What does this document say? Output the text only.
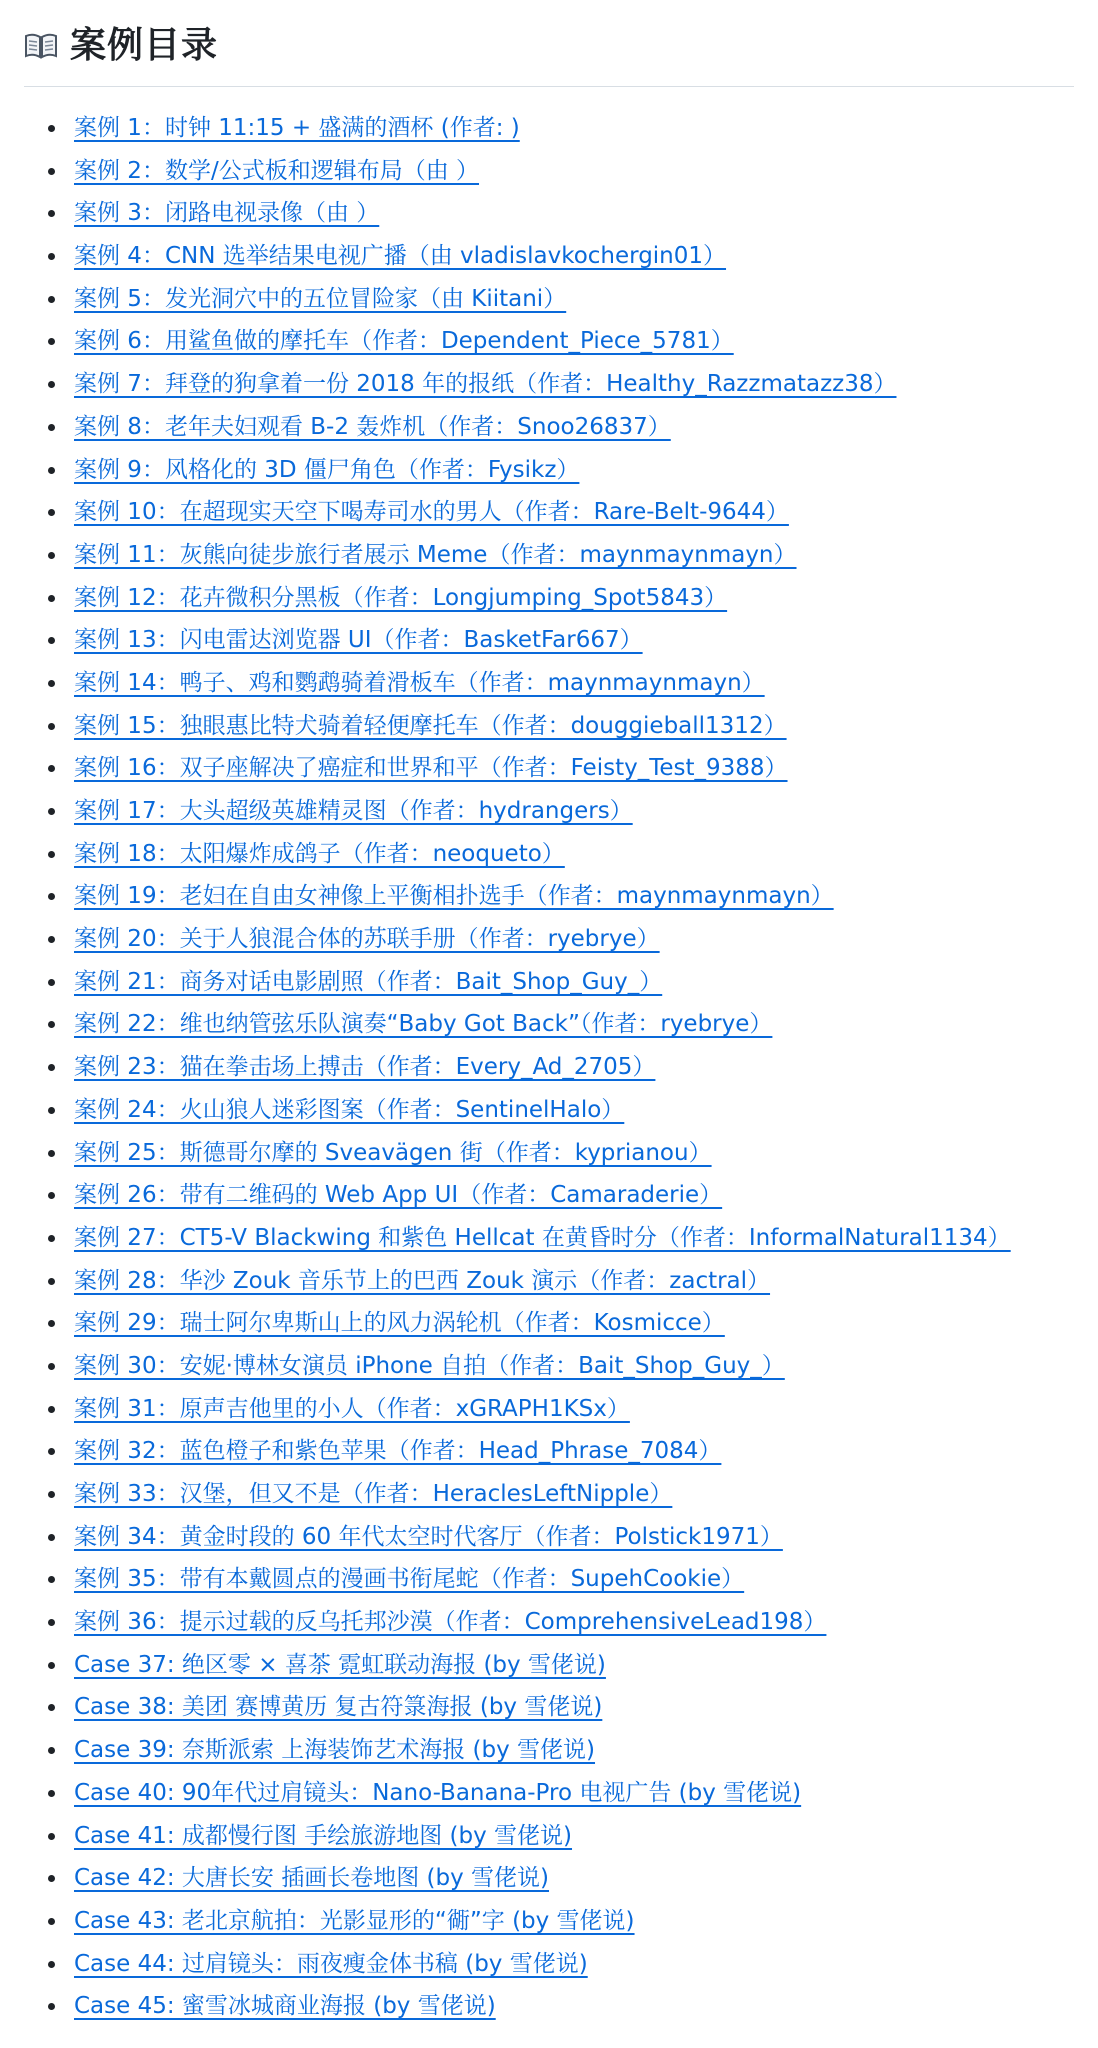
案例目录
案例 1：时钟 11:15 + 盛满的酒杯 (作者: )
案例 2：数学/公式板和逻辑布局（由 ）
案例 3：闭路电视录像（由 ）
案例 4：CNN 选举结果电视广播（由 vladislavkochergin01）
案例 5：发光洞穴中的五位冒险家（由 Kiitani）
案例 6：用鲨鱼做的摩托车（作者：Dependent_Piece_5781）
案例 7：拜登的狗拿着一份 2018 年的报纸（作者：Healthy_Razzmatazz38）
案例 8：老年夫妇观看 B-2 轰炸机（作者：Snoo26837）
案例 9：风格化的 3D 僵尸角色（作者：Fysikz）
案例 10：在超现实天空下喝寿司水的男人（作者：Rare-Belt-9644）
案例 11：灰熊向徒步旅行者展示 Meme（作者：maynmaynmayn）
案例 12：花卉微积分黑板（作者：Longjumping_Spot5843）
案例 13：闪电雷达浏览器 UI（作者：BasketFar667）
案例 14：鸭子、鸡和鹦鹉骑着滑板车（作者：maynmaynmayn）
案例 15：独眼惠比特犬骑着轻便摩托车（作者：douggieball1312）
案例 16：双子座解决了癌症和世界和平（作者：Feisty_Test_9388）
案例 17：大头超级英雄精灵图（作者：hydrangers）
案例 18：太阳爆炸成鸽子（作者：neoqueto）
案例 19：老妇在自由女神像上平衡相扑选手（作者：maynmaynmayn）
案例 20：关于人狼混合体的苏联手册（作者：ryebrye）
案例 21：商务对话电影剧照（作者：Bait_Shop_Guy_）
案例 22：维也纳管弦乐队演奏“Baby Got Back”（作者：ryebrye）
案例 23：猫在拳击场上搏击（作者：Every_Ad_2705）
案例 24：火山狼人迷彩图案（作者：SentinelHalo）
案例 25：斯德哥尔摩的 Sveavägen 街（作者：kyprianou）
案例 26：带有二维码的 Web App UI（作者：Camaraderie）
案例 27：CT5-V Blackwing 和紫色 Hellcat 在黄昏时分（作者：InformalNatural1134）
案例 28：华沙 Zouk 音乐节上的巴西 Zouk 演示（作者：zactral）
案例 29：瑞士阿尔卑斯山上的风力涡轮机（作者：Kosmicce）
案例 30：安妮·博林女演员 iPhone 自拍（作者：Bait_Shop_Guy_）
案例 31：原声吉他里的小人（作者：xGRAPH1KSx）
案例 32：蓝色橙子和紫色苹果（作者：Head_Phrase_7084）
案例 33：汉堡，但又不是（作者：HeraclesLeftNipple）
案例 34：黄金时段的 60 年代太空时代客厅（作者：Polstick1971）
案例 35：带有本戴圆点的漫画书衔尾蛇（作者：SupehCookie）
案例 36：提示过载的反乌托邦沙漠（作者：ComprehensiveLead198）
Case 37: 绝区零 × 喜茶 霓虹联动海报 (by 雪佬说)
Case 38: 美团 赛博黄历 复古符箓海报 (by 雪佬说)
Case 39: 奈斯派索 上海装饰艺术海报 (by 雪佬说)
Case 40: 90年代过肩镜头：Nano-Banana-Pro 电视广告 (by 雪佬说)
Case 41: 成都慢行图 手绘旅游地图 (by 雪佬说)
Case 42: 大唐长安 插画长卷地图 (by 雪佬说)
Case 43: 老北京航拍：光影显形的“衚”字 (by 雪佬说)
Case 44: 过肩镜头：雨夜瘦金体书稿 (by 雪佬说)
Case 45: 蜜雪冰城商业海报 (by 雪佬说)
